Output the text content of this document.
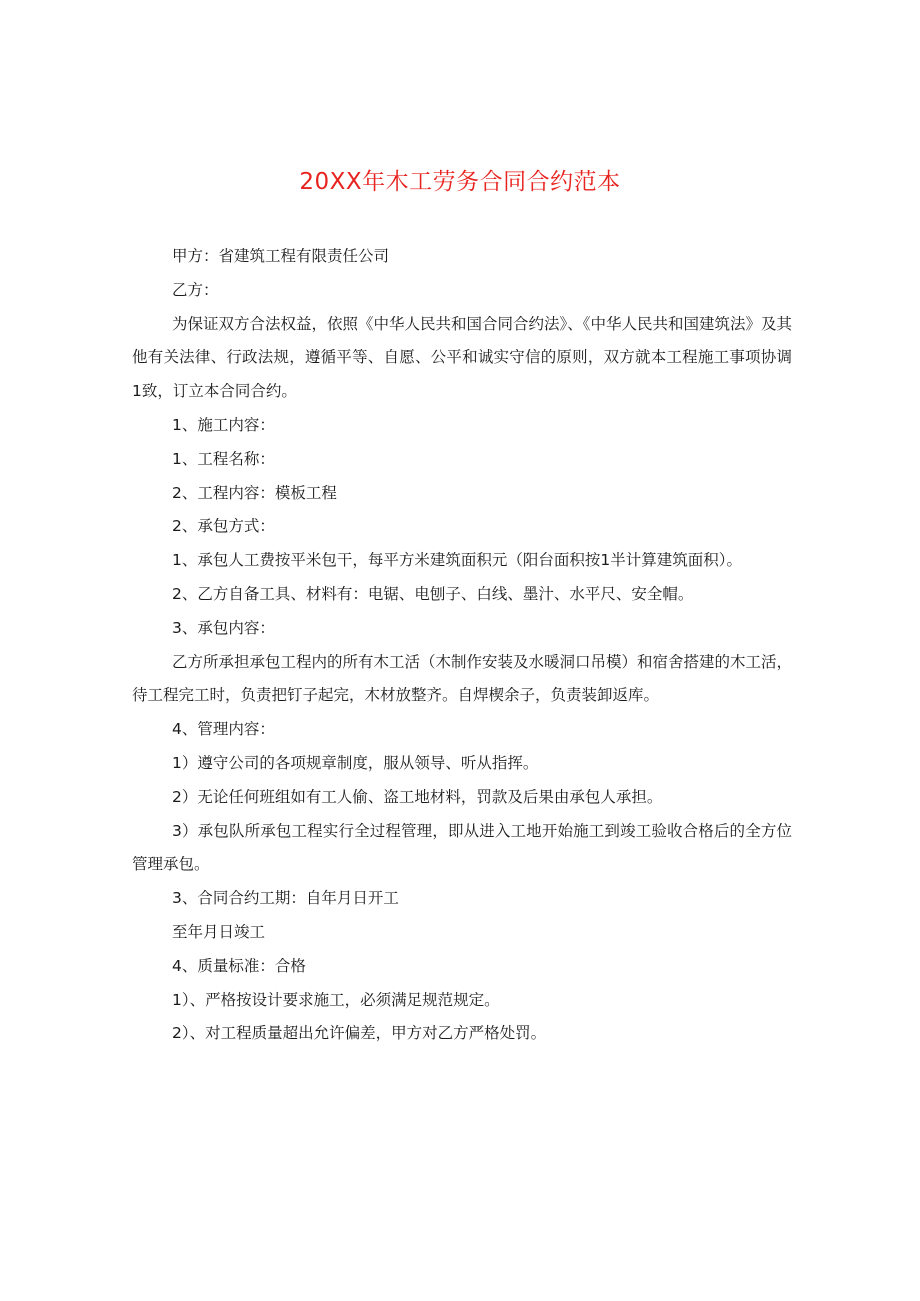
20XX年木工劳务合同合约范本

甲方：省建筑工程有限责任公司

乙方：

为保证双方合法权益，依照《中华人民共和国合同合约法》、《中华人民共和国建筑法》及其他有关法律、行政法规，遵循平等、自愿、公平和诚实守信的原则，双方就本工程施工事项协调1致，订立本合同合约。

1、施工内容：

1、工程名称：

2、工程内容：模板工程

2、承包方式：

1、承包人工费按平米包干，每平方米建筑面积元（阳台面积按1半计算建筑面积）。

2、乙方自备工具、材料有：电锯、电刨子、白线、墨汁、水平尺、安全帽。

3、承包内容：

乙方所承担承包工程内的所有木工活（木制作安装及水暖洞口吊模）和宿舍搭建的木工活，待工程完工时，负责把钉子起完，木材放整齐。自焊楔余子，负责装卸返库。

4、管理内容：

1）遵守公司的各项规章制度，服从领导、听从指挥。

2）无论任何班组如有工人偷、盗工地材料，罚款及后果由承包人承担。

3）承包队所承包工程实行全过程管理，即从进入工地开始施工到竣工验收合格后的全方位管理承包。

3、合同合约工期：自年月日开工

至年月日竣工

4、质量标准：合格

1）、严格按设计要求施工，必须满足规范规定。

2）、对工程质量超出允许偏差，甲方对乙方严格处罚。
